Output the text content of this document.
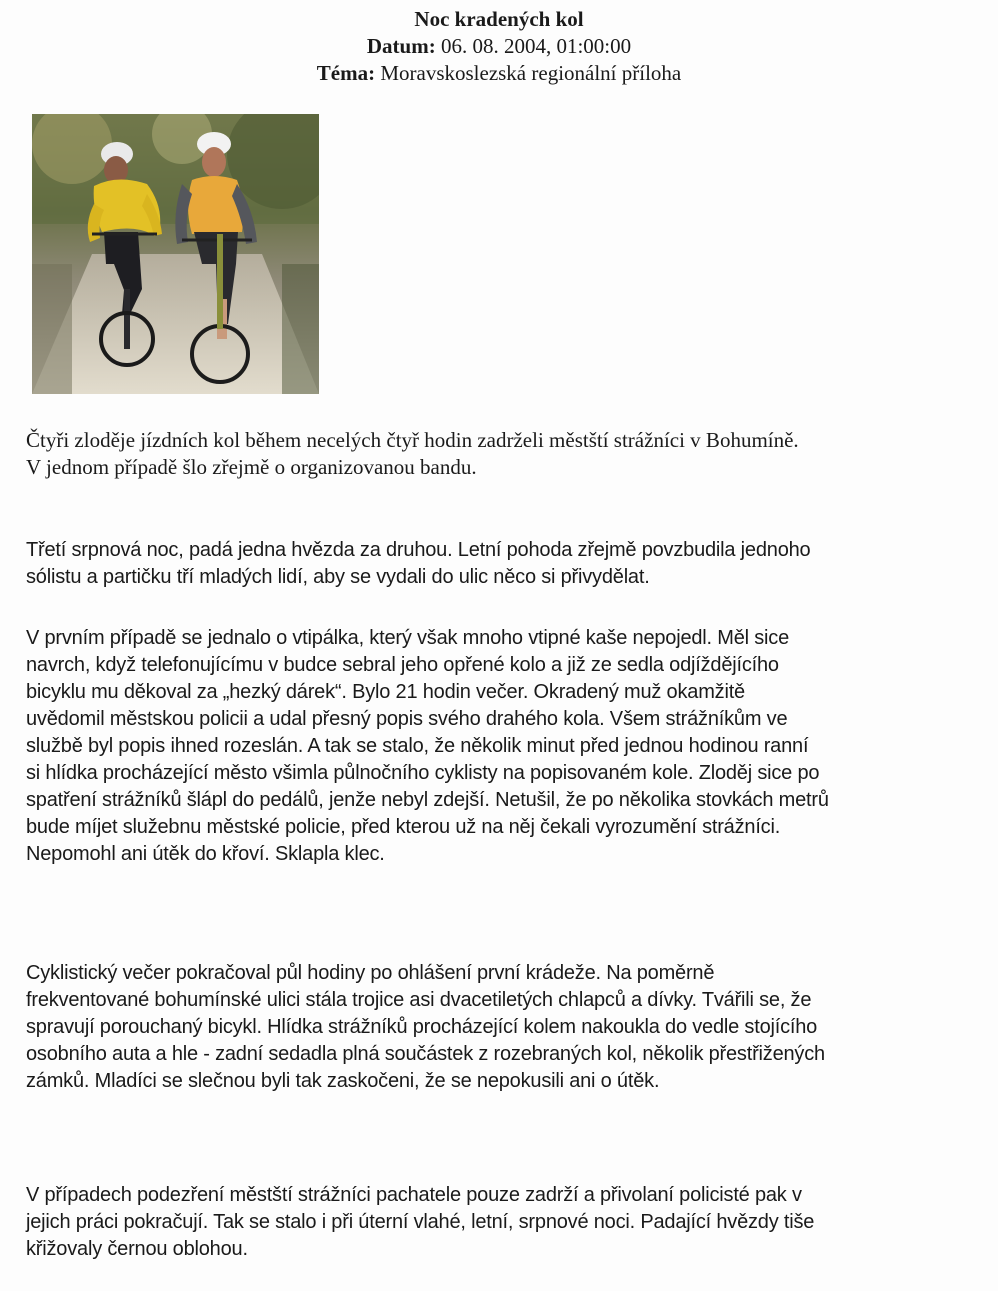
Noc kradených kol
Datum: 06. 08. 2004, 01:00:00
Téma: Moravskoslezská regionální příloha
Čtyři zloděje jízdních kol během necelých čtyř hodin zadrželi městští strážníci v Bohumíně.
V jednom případě šlo zřejmě o organizovanou bandu.
Třetí srpnová noc, padá jedna hvězda za druhou. Letní pohoda zřejmě povzbudila jednoho
sólistu a partičku tří mladých lidí, aby se vydali do ulic něco si přivydělat.
V prvním případě se jednalo o vtipálka, který však mnoho vtipné kaše nepojedl. Měl sice
navrch, když telefonujícímu v budce sebral jeho opřené kolo a již ze sedla odjíždějícího
bicyklu mu děkoval za „hezký dárek“. Bylo 21 hodin večer. Okradený muž okamžitě
uvědomil městskou policii a udal přesný popis svého drahého kola. Všem strážníkům ve
službě byl popis ihned rozeslán. A tak se stalo, že několik minut před jednou hodinou ranní
si hlídka procházející město všimla půlnočního cyklisty na popisovaném kole. Zloděj sice po
spatření strážníků šlápl do pedálů, jenže nebyl zdejší. Netušil, že po několika stovkách metrů
bude míjet služebnu městské policie, před kterou už na něj čekali vyrozumění strážníci.
Nepomohl ani útěk do křoví. Sklapla klec.
Cyklistický večer pokračoval půl hodiny po ohlášení první krádeže. Na poměrně
frekventované bohumínské ulici stála trojice asi dvacetiletých chlapců a dívky. Tvářili se, že
spravují porouchaný bicykl. Hlídka strážníků procházející kolem nakoukla do vedle stojícího
osobního auta a hle - zadní sedadla plná součástek z rozebraných kol, několik přestřižených
zámků. Mladíci se slečnou byli tak zaskočeni, že se nepokusili ani o útěk.
V případech podezření městští strážníci pachatele pouze zadrží a přivolaní policisté pak v
jejich práci pokračují. Tak se stalo i při úterní vlahé, letní, srpnové noci. Padající hvězdy tiše
křižovaly černou oblohou.
